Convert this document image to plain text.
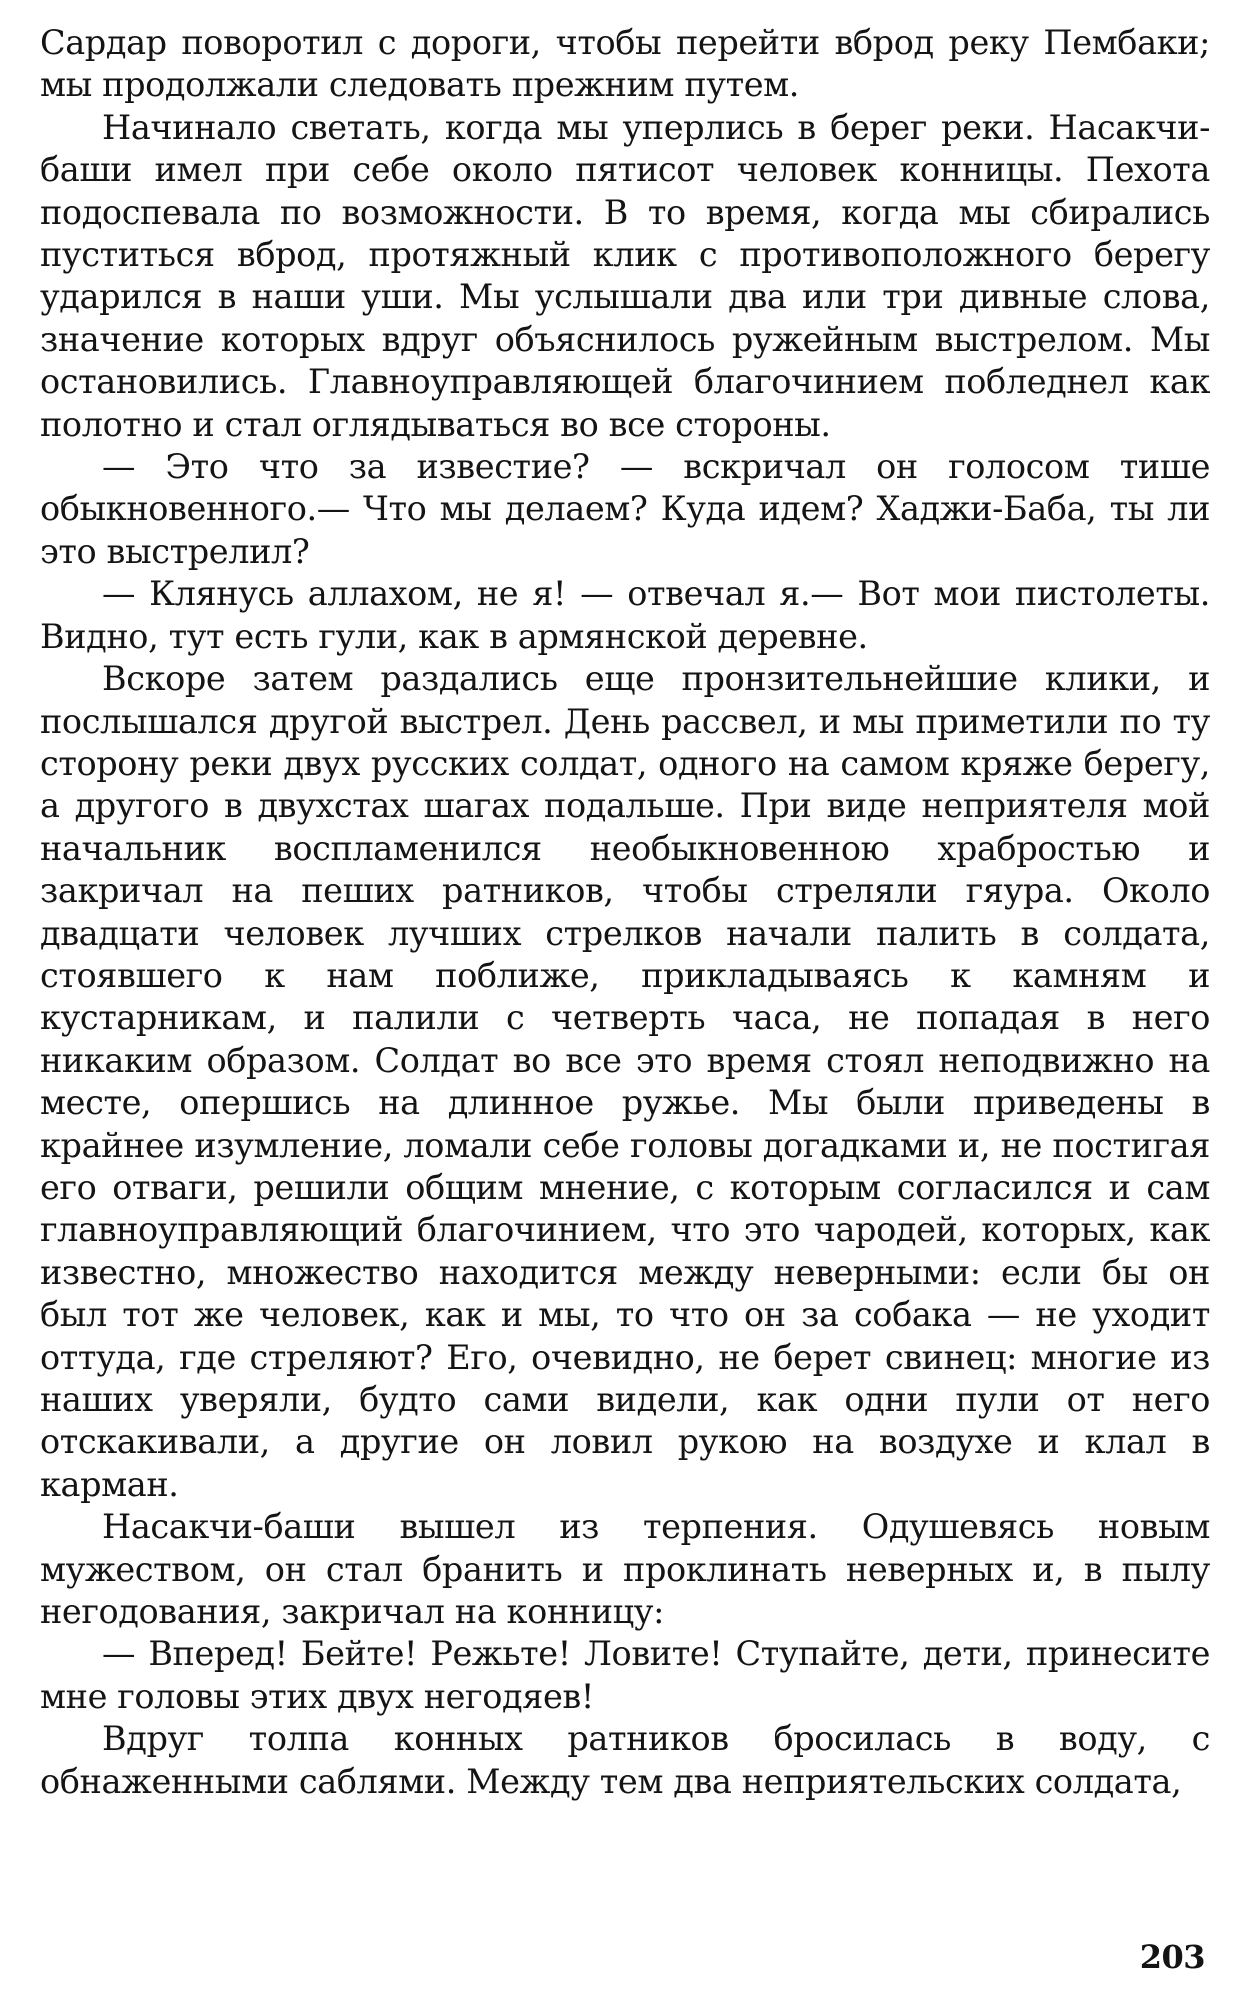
Сардар поворотил с дороги, чтобы перейти вброд реку Пембаки; мы продолжали следовать прежним путем.

Начинало светать, когда мы уперлись в берег реки. Насакчи-баши имел при себе около пятисот человек конницы. Пехота подоспевала по возможности. В то время, когда мы сбирались пуститься вброд, протяжный клик с противоположного берегу ударился в наши уши. Мы услышали два или три дивные слова, значение которых вдруг объяснилось ружейным выстрелом. Мы остановились. Главноуправляющей благочинием побледнел как полотно и стал оглядываться во все стороны.

— Это что за известие? — вскричал он голосом тише обыкновенного.— Что мы делаем? Куда идем? Хаджи-Баба, ты ли это выстрелил?

— Клянусь аллахом, не я! — отвечал я.— Вот мои пистолеты. Видно, тут есть гули, как в армянской деревне.

Вскоре затем раздались еще пронзительнейшие клики, и послышался другой выстрел. День рассвел, и мы приметили по ту сторону реки двух русских солдат, одного на самом кряже берегу, а другого в двухстах шагах подальше. При виде неприятеля мой начальник воспламенился необыкновенною храбростью и закричал на пеших ратников, чтобы стреляли гяура. Около двадцати человек лучших стрелков начали палить в солдата, стоявшего к нам поближе, прикладываясь к камням и кустарникам, и палили с четверть часа, не попадая в него никаким образом. Солдат во все это время стоял неподвижно на месте, опершись на длинное ружье. Мы были приведены в крайнее изумление, ломали себе головы догадками и, не постигая его отваги, решили общим мнение, с которым согласился и сам главноуправляющий благочинием, что это чародей, которых, как известно, множество находится между неверными: если бы он был тот же человек, как и мы, то что он за собака — не уходит оттуда, где стреляют? Его, очевидно, не берет свинец: многие из наших уверяли, будто сами видели, как одни пули от него отскакивали, а другие он ловил рукою на воздухе и клал в карман.

Насакчи-баши вышел из терпения. Одушевясь новым мужеством, он стал бранить и проклинать неверных и, в пылу негодования, закричал на конницу:

— Вперед! Бейте! Режьте! Ловите! Ступайте, дети, принесите мне головы этих двух негодяев!

Вдруг толпа конных ратников бросилась в воду, с обнаженными саблями. Между тем два неприятельских солдата,

203
